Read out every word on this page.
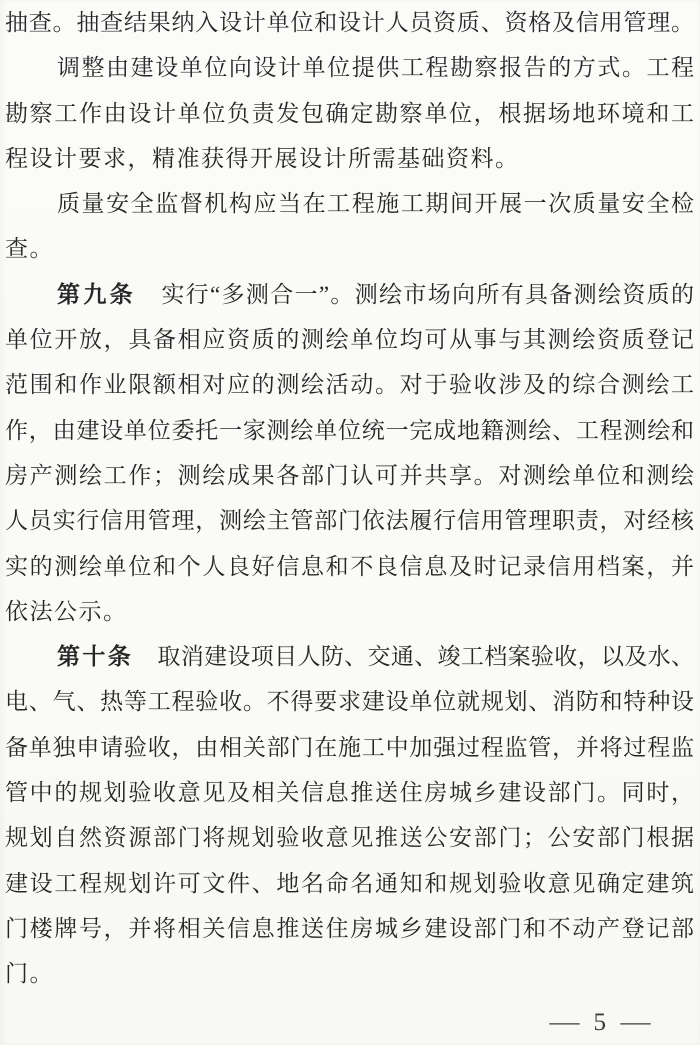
抽查。抽查结果纳入设计单位和设计人员资质、资格及信用管理。
调整由建设单位向设计单位提供工程勘察报告的方式。工程
勘察工作由设计单位负责发包确定勘察单位，根据场地环境和工
程设计要求，精准获得开展设计所需基础资料。
质量安全监督机构应当在工程施工期间开展一次质量安全检
查。
第九条 实行“多测合一”。测绘市场向所有具备测绘资质的
单位开放，具备相应资质的测绘单位均可从事与其测绘资质登记
范围和作业限额相对应的测绘活动。对于验收涉及的综合测绘工
作，由建设单位委托一家测绘单位统一完成地籍测绘、工程测绘和
房产测绘工作；测绘成果各部门认可并共享。对测绘单位和测绘
人员实行信用管理，测绘主管部门依法履行信用管理职责，对经核
实的测绘单位和个人良好信息和不良信息及时记录信用档案，并
依法公示。
第十条 取消建设项目人防、交通、竣工档案验收，以及水、
电、气、热等工程验收。不得要求建设单位就规划、消防和特种设
备单独申请验收，由相关部门在施工中加强过程监管，并将过程监
管中的规划验收意见及相关信息推送住房城乡建设部门。同时，
规划自然资源部门将规划验收意见推送公安部门；公安部门根据
建设工程规划许可文件、地名命名通知和规划验收意见确定建筑
门楼牌号，并将相关信息推送住房城乡建设部门和不动产登记部
门。
— 5 —
